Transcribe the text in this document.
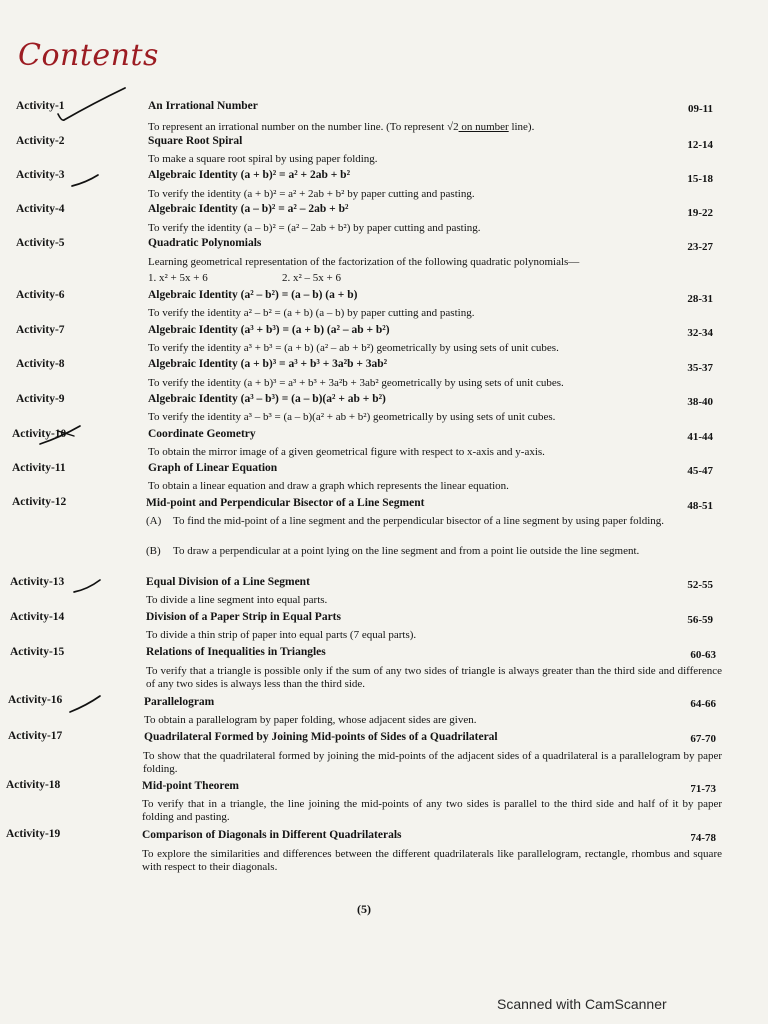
Contents
Activity-1	An Irrational Number	09-11
To represent an irrational number on the number line. (To represent √2 on number line).
Activity-2	Square Root Spiral	12-14
To make a square root spiral by using paper folding.
Activity-3	Algebraic Identity (a + b)² = a² + 2ab + b²	15-18
To verify the identity (a + b)² = a² + 2ab + b² by paper cutting and pasting.
Activity-4	Algebraic Identity (a – b)² = a² – 2ab + b²	19-22
To verify the identity (a – b)² = (a² – 2ab + b²) by paper cutting and pasting.
Activity-5	Quadratic Polynomials	23-27
Learning geometrical representation of the factorization of the following quadratic polynomials—
1. x² + 5x + 6	2. x² – 5x + 6
Activity-6	Algebraic Identity (a² – b²) = (a – b) (a + b)	28-31
To verify the identity a² – b² = (a + b) (a – b) by paper cutting and pasting.
Activity-7	Algebraic Identity (a³ + b³) = (a + b) (a² – ab + b²)	32-34
To verify the identity a³ + b³ = (a + b) (a² – ab + b²) geometrically by using sets of unit cubes.
Activity-8	Algebraic Identity (a + b)³ = a³ + b³ + 3a²b + 3ab²	35-37
To verify the identity (a + b)³ = a³ + b³ + 3a²b + 3ab² geometrically by using sets of unit cubes.
Activity-9	Algebraic Identity (a³ – b³) = (a – b)(a² + ab + b²)	38-40
To verify the identity a³ – b³ = (a – b)(a² + ab + b²) geometrically by using sets of unit cubes.
Activity-10	Coordinate Geometry	41-44
To obtain the mirror image of a given geometrical figure with respect to x-axis and y-axis.
Activity-11	Graph of Linear Equation	45-47
To obtain a linear equation and draw a graph which represents the linear equation.
Activity-12	Mid-point and Perpendicular Bisector of a Line Segment	48-51
(A) To find the mid-point of a line segment and the perpendicular bisector of a line segment by using paper folding.
(B) To draw a perpendicular at a point lying on the line segment and from a point lie outside the line segment.
Activity-13	Equal Division of a Line Segment	52-55
To divide a line segment into equal parts.
Activity-14	Division of a Paper Strip in Equal Parts	56-59
To divide a thin strip of paper into equal parts (7 equal parts).
Activity-15	Relations of Inequalities in Triangles	60-63
To verify that a triangle is possible only if the sum of any two sides of triangle is always greater than the third side and difference of any two sides is always less than the third side.
Activity-16	Parallelogram	64-66
To obtain a parallelogram by paper folding, whose adjacent sides are given.
Activity-17	Quadrilateral Formed by Joining Mid-points of Sides of a Quadrilateral	67-70
To show that the quadrilateral formed by joining the mid-points of the adjacent sides of a quadrilateral is a parallelogram by paper folding.
Activity-18	Mid-point Theorem	71-73
To verify that in a triangle, the line joining the mid-points of any two sides is parallel to the third side and half of it by paper folding and pasting.
Activity-19	Comparison of Diagonals in Different Quadrilaterals	74-78
To explore the similarities and differences between the different quadrilaterals like parallelogram, rectangle, rhombus and square with respect to their diagonals.
(5)
Scanned with CamScanner
